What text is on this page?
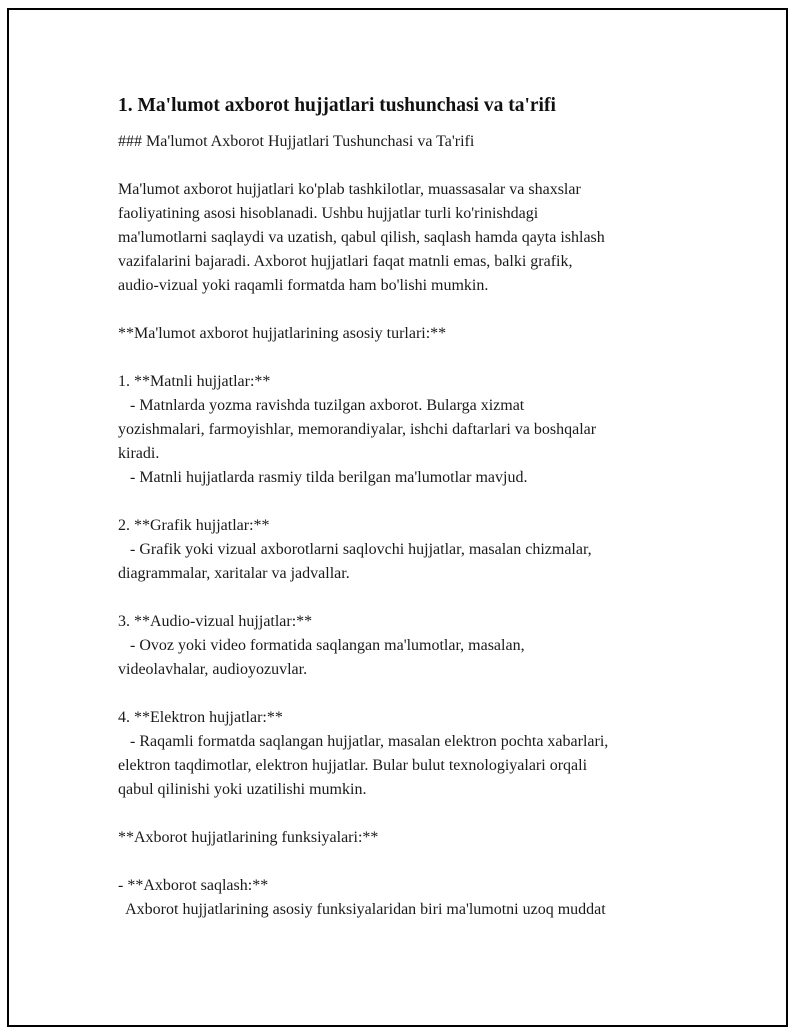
1. Ma'lumot axborot hujjatlari tushunchasi va ta'rifi
### Ma'lumot Axborot Hujjatlari Tushunchasi va Ta'rifi
Ma'lumot axborot hujjatlari ko'plab tashkilotlar, muassasalar va shaxslar
faoliyatining asosi hisoblanadi. Ushbu hujjatlar turli ko'rinishdagi
ma'lumotlarni saqlaydi va uzatish, qabul qilish, saqlash hamda qayta ishlash
vazifalarini bajaradi. Axborot hujjatlari faqat matnli emas, balki grafik,
audio-vizual yoki raqamli formatda ham bo'lishi mumkin.
**Ma'lumot axborot hujjatlarining asosiy turlari:**
1. **Matnli hujjatlar:**
- Matnlarda yozma ravishda tuzilgan axborot. Bularga xizmat
yozishmalari, farmoyishlar, memorandiyalar, ishchi daftarlari va boshqalar
kiradi.
- Matnli hujjatlarda rasmiy tilda berilgan ma'lumotlar mavjud.
2. **Grafik hujjatlar:**
- Grafik yoki vizual axborotlarni saqlovchi hujjatlar, masalan chizmalar,
diagrammalar, xaritalar va jadvallar.
3. **Audio-vizual hujjatlar:**
- Ovoz yoki video formatida saqlangan ma'lumotlar, masalan,
videolavhalar, audioyozuvlar.
4. **Elektron hujjatlar:**
- Raqamli formatda saqlangan hujjatlar, masalan elektron pochta xabarlari,
elektron taqdimotlar, elektron hujjatlar. Bular bulut texnologiyalari orqali
qabul qilinishi yoki uzatilishi mumkin.
**Axborot hujjatlarining funksiyalari:**
- **Axborot saqlash:**
Axborot hujjatlarining asosiy funksiyalaridan biri ma'lumotni uzoq muddat
